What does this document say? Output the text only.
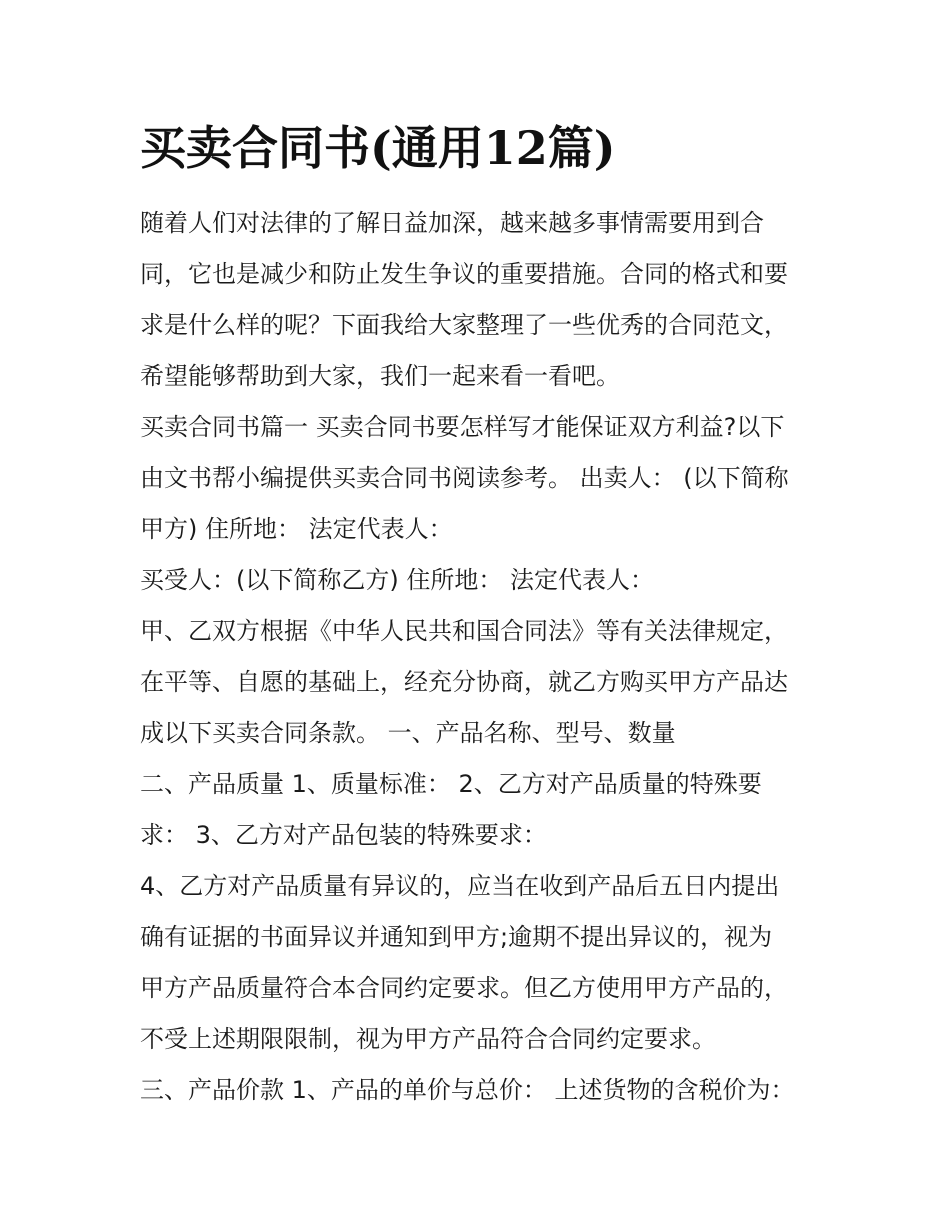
买卖合同书(通用12篇)

随着人们对法律的了解日益加深，越来越多事情需要用到合

同，它也是减少和防止发生争议的重要措施。合同的格式和要

求是什么样的呢？下面我给大家整理了一些优秀的合同范文，

希望能够帮助到大家，我们一起来看一看吧。

买卖合同书篇一 买卖合同书要怎样写才能保证双方利益?以下

由文书帮小编提供买卖合同书阅读参考。 出卖人： (以下简称

甲方) 住所地： 法定代表人：

买受人：(以下简称乙方) 住所地： 法定代表人：

甲、乙双方根据《中华人民共和国合同法》等有关法律规定，

在平等、自愿的基础上，经充分协商，就乙方购买甲方产品达

成以下买卖合同条款。 一、产品名称、型号、数量

二、产品质量 1、质量标准： 2、乙方对产品质量的特殊要

求： 3、乙方对产品包装的特殊要求：

4、乙方对产品质量有异议的，应当在收到产品后五日内提出

确有证据的书面异议并通知到甲方;逾期不提出异议的，视为

甲方产品质量符合本合同约定要求。但乙方使用甲方产品的，

不受上述期限限制，视为甲方产品符合合同约定要求。

三、产品价款 1、产品的单价与总价： 上述货物的含税价为：
